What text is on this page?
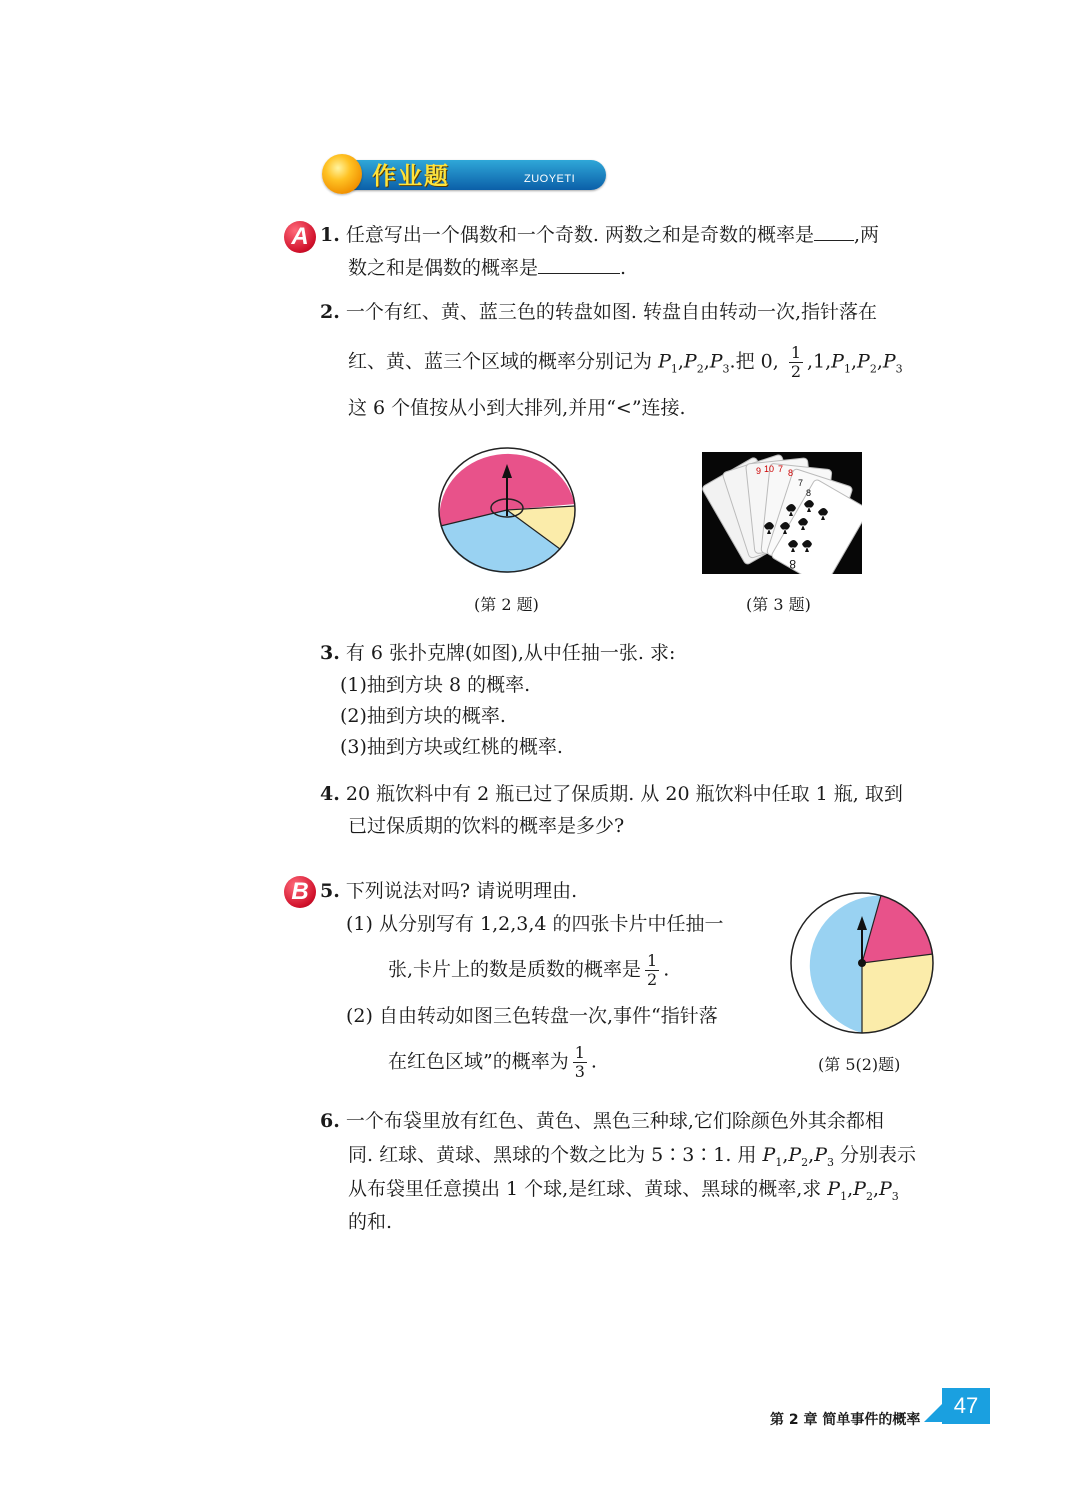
作业题	ZUOYETI
A 1. 任意写出一个偶数和一个奇数. 两数之和是奇数的概率是 ,两
数之和是偶数的概率是	.
2. 一个有红、黄、蓝三色的转盘如图. 转盘自由转动一次,指针落在
红、黄、蓝三个区域的概率分别记为 $P_1,P_2,P_3$.把 0, $\frac{1}{2} ,1,P_1,P_2,P_3$
这 6 个值按从小到大排列,并用“<”连接.
(第 2 题)
9 10 7 8
7
8
8
(第 3 题)
3. 有 6 张扑克牌(如图),从中任抽一张. 求:
(1)抽到方块 8 的概率.
(2)抽到方块的概率.
(3)抽到方块或红桃的概率.
4. 20 瓶饮料中有 2 瓶已过了保质期. 从 20 瓶饮料中任取 1 瓶, 取到
已过保质期的饮料的概率是多少?
B 5. 下列说法对吗? 请说明理由.
(1) 从分别写有 1,2,3,4 的四张卡片中任抽一
张,卡片上的数是质数的概率是 $\frac{1}{2}$ .
(2) 自由转动如图三色转盘一次,事件“指针落
在红色区域”的概率为 $\frac{1}{3}$ .	(第 5(2)题)
6. 一个布袋里放有红色、黄色、黑色三种球,它们除颜色外其余都相
同. 红球、黄球、黑球的个数之比为 5∶3∶1. 用 $P_1,P_2,P_3$ 分别表示
从布袋里任意摸出 1 个球,是红球、黄球、黑球的概率,求 $P_1,P_2,P_3$
的和.
第 2 章 简单事件的概率
47
